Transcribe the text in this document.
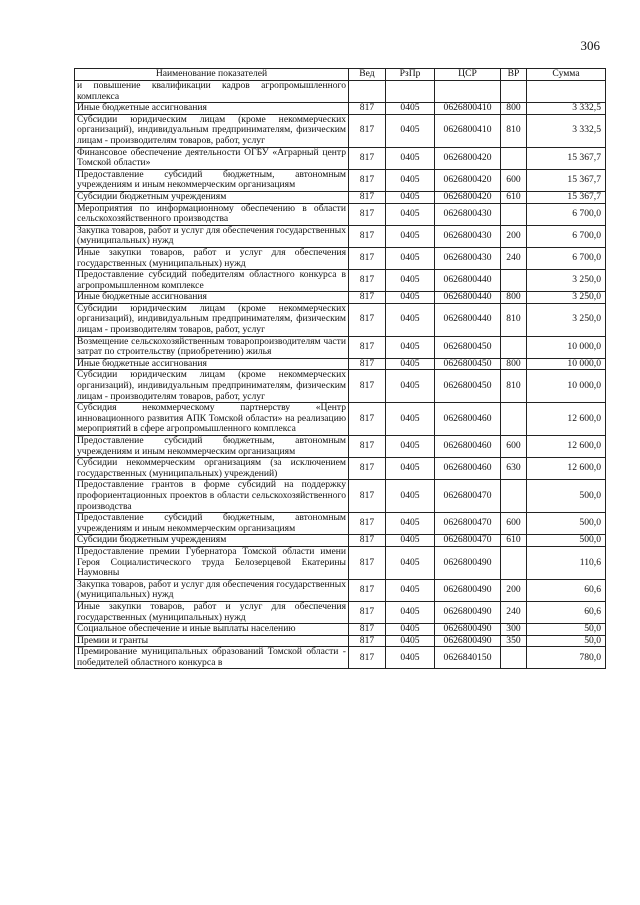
306
Наименование показателей	Вед	РзПр	ЦСР	ВР	Сумма
и повышение квалификации кадров агропромышленного комплекса					
Иные бюджетные ассигнования	817	0405	0626800410	800	3 332,5
Субсидии юридическим лицам (кроме некоммерческих организаций), индивидуальным предпринимателям, физическим лицам - производителям товаров, работ, услуг	817	0405	0626800410	810	3 332,5
Финансовое обеспечение деятельности ОГБУ «Аграрный центр Томской области»	817	0405	0626800420		15 367,7
Предоставление субсидий бюджетным, автономным учреждениям и иным некоммерческим организациям	817	0405	0626800420	600	15 367,7
Субсидии бюджетным учреждениям	817	0405	0626800420	610	15 367,7
Мероприятия по информационному обеспечению в области сельскохозяйственного производства	817	0405	0626800430		6 700,0
Закупка товаров, работ и услуг для обеспечения государственных (муниципальных) нужд	817	0405	0626800430	200	6 700,0
Иные закупки товаров, работ и услуг для обеспечения государственных (муниципальных) нужд	817	0405	0626800430	240	6 700,0
Предоставление субсидий победителям областного конкурса в агропромышленном комплексе	817	0405	0626800440		3 250,0
Иные бюджетные ассигнования	817	0405	0626800440	800	3 250,0
Субсидии юридическим лицам (кроме некоммерческих организаций), индивидуальным предпринимателям, физическим лицам - производителям товаров, работ, услуг	817	0405	0626800440	810	3 250,0
Возмещение сельскохозяйственным товаропроизводителям части затрат по строительству (приобретению) жилья	817	0405	0626800450		10 000,0
Иные бюджетные ассигнования	817	0405	0626800450	800	10 000,0
Субсидии юридическим лицам (кроме некоммерческих организаций), индивидуальным предпринимателям, физическим лицам - производителям товаров, работ, услуг	817	0405	0626800450	810	10 000,0
Субсидия некоммерческому партнерству «Центр инновационного развития АПК Томской области» на реализацию мероприятий в сфере агропромышленного комплекса	817	0405	0626800460		12 600,0
Предоставление субсидий бюджетным, автономным учреждениям и иным некоммерческим организациям	817	0405	0626800460	600	12 600,0
Субсидии некоммерческим организациям (за исключением государственных (муниципальных) учреждений)	817	0405	0626800460	630	12 600,0
Предоставление грантов в форме субсидий на поддержку профориентационных проектов в области сельскохозяйственного производства	817	0405	0626800470		500,0
Предоставление субсидий бюджетным, автономным учреждениям и иным некоммерческим организациям	817	0405	0626800470	600	500,0
Субсидии бюджетным учреждениям	817	0405	0626800470	610	500,0
Предоставление премии Губернатора Томской области имени Героя Социалистического труда Белозерцевой Екатерины Наумовны	817	0405	0626800490		110,6
Закупка товаров, работ и услуг для обеспечения государственных (муниципальных) нужд	817	0405	0626800490	200	60,6
Иные закупки товаров, работ и услуг для обеспечения государственных (муниципальных) нужд	817	0405	0626800490	240	60,6
Социальное обеспечение и иные выплаты населению	817	0405	0626800490	300	50,0
Премии и гранты	817	0405	0626800490	350	50,0
Премирование муниципальных образований Томской области - победителей областного конкурса в	817	0405	0626840150		780,0
